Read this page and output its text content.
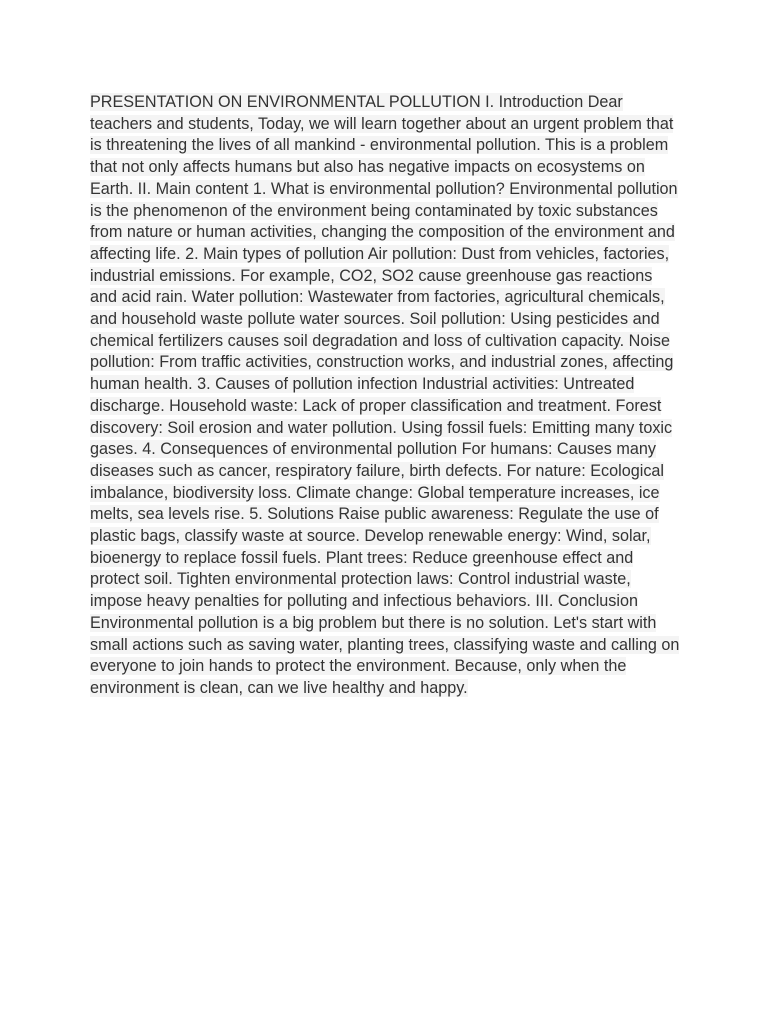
PRESENTATION ON ENVIRONMENTAL POLLUTION I. Introduction Dear teachers and students, Today, we will learn together about an urgent problem that is threatening the lives of all mankind - environmental pollution. This is a problem that not only affects humans but also has negative impacts on ecosystems on Earth. II. Main content 1. What is environmental pollution? Environmental pollution is the phenomenon of the environment being contaminated by toxic substances from nature or human activities, changing the composition of the environment and affecting life. 2. Main types of pollution Air pollution: Dust from vehicles, factories, industrial emissions. For example, CO2, SO2 cause greenhouse gas reactions and acid rain. Water pollution: Wastewater from factories, agricultural chemicals, and household waste pollute water sources. Soil pollution: Using pesticides and chemical fertilizers causes soil degradation and loss of cultivation capacity. Noise pollution: From traffic activities, construction works, and industrial zones, affecting human health. 3. Causes of pollution infection Industrial activities: Untreated discharge. Household waste: Lack of proper classification and treatment. Forest discovery: Soil erosion and water pollution. Using fossil fuels: Emitting many toxic gases. 4. Consequences of environmental pollution For humans: Causes many diseases such as cancer, respiratory failure, birth defects. For nature: Ecological imbalance, biodiversity loss. Climate change: Global temperature increases, ice melts, sea levels rise. 5. Solutions Raise public awareness: Regulate the use of plastic bags, classify waste at source. Develop renewable energy: Wind, solar, bioenergy to replace fossil fuels. Plant trees: Reduce greenhouse effect and protect soil. Tighten environmental protection laws: Control industrial waste, impose heavy penalties for polluting and infectious behaviors. III. Conclusion Environmental pollution is a big problem but there is no solution. Let's start with small actions such as saving water, planting trees, classifying waste and calling on everyone to join hands to protect the environment. Because, only when the environment is clean, can we live healthy and happy.
